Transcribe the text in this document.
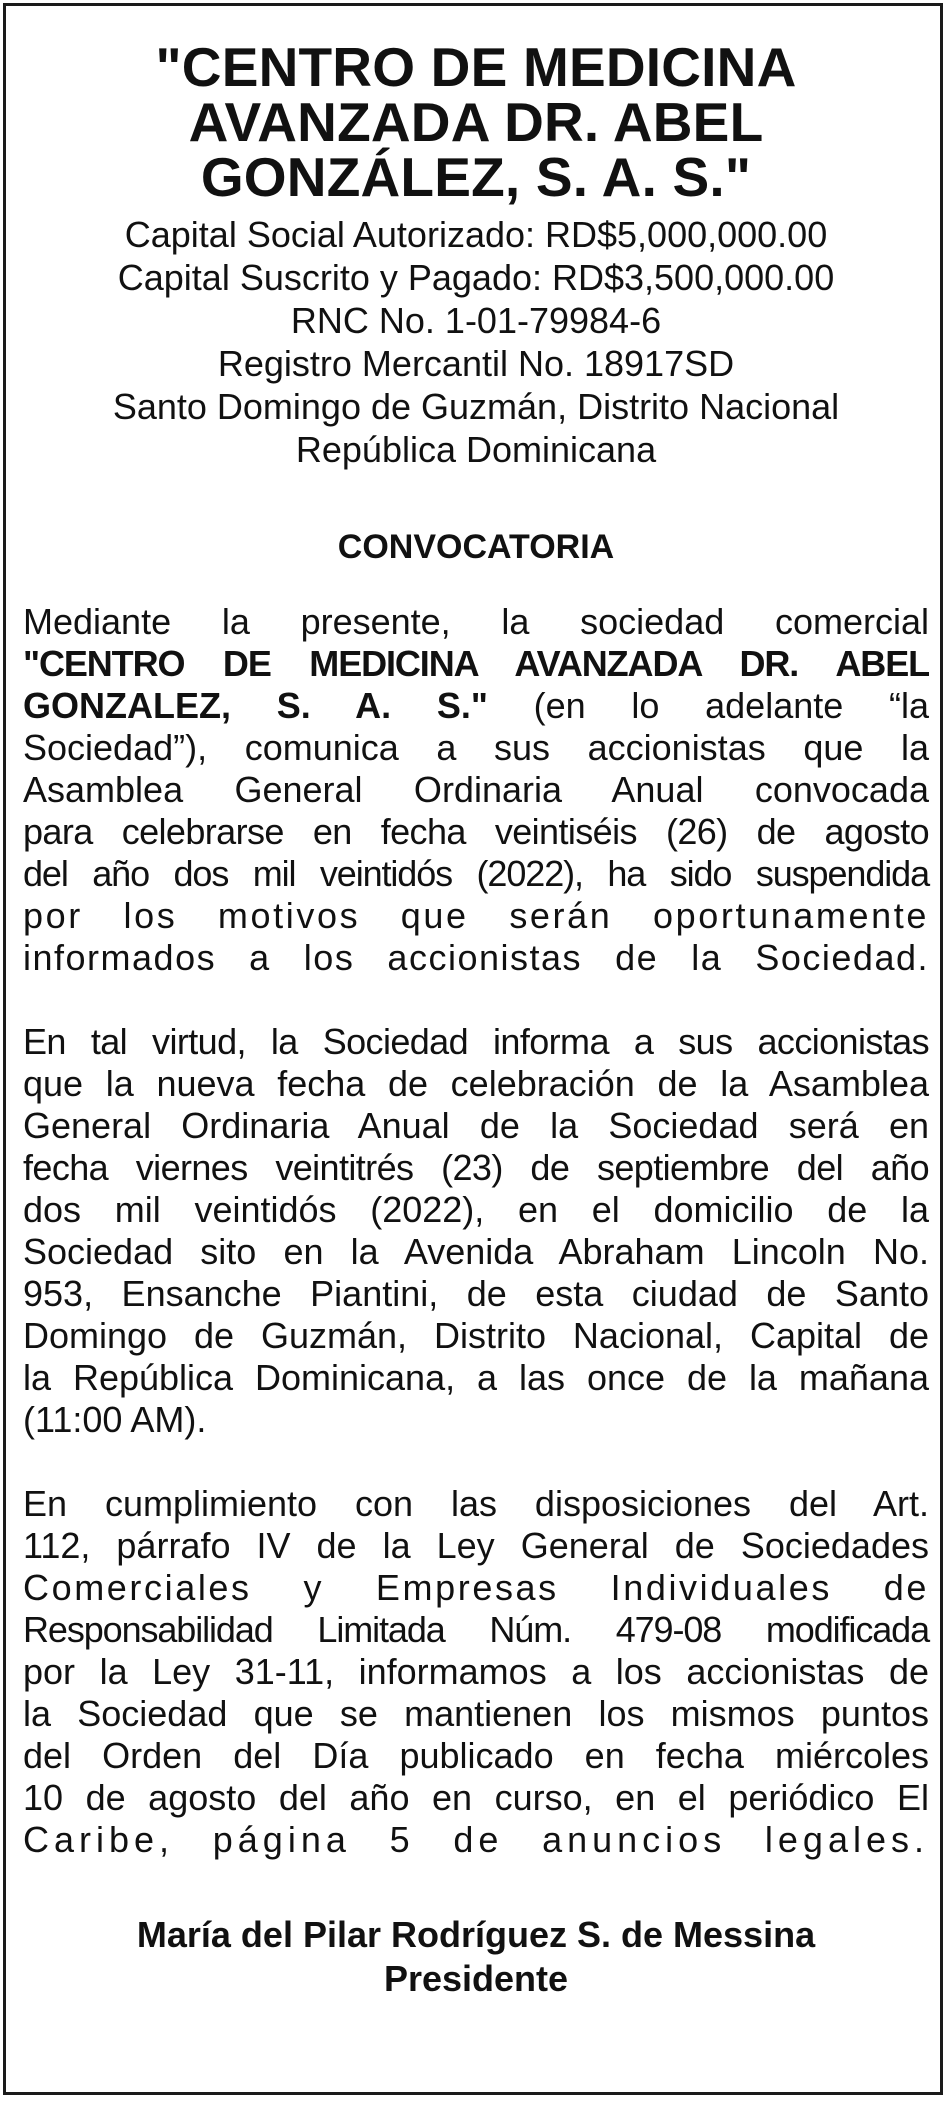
"CENTRO DE MEDICINA
AVANZADA DR. ABEL
GONZÁLEZ, S. A. S."
Capital Social Autorizado: RD$5,000,000.00
Capital Suscrito y Pagado: RD$3,500,000.00
RNC No. 1-01-79984-6
Registro Mercantil No. 18917SD
Santo Domingo de Guzmán, Distrito Nacional
República Dominicana
CONVOCATORIA
Mediante la presente, la sociedad comercial
"CENTRO DE MEDICINA AVANZADA DR. ABEL
GONZALEZ, S. A. S." (en lo adelante “la
Sociedad”), comunica a sus accionistas que la
Asamblea General Ordinaria Anual convocada
para celebrarse en fecha veintiséis (26) de agosto
del año dos mil veintidós (2022), ha sido suspendida
por los motivos que serán oportunamente
informados a los accionistas de la Sociedad.
En tal virtud, la Sociedad informa a sus accionistas
que la nueva fecha de celebración de la Asamblea
General Ordinaria Anual de la Sociedad será en
fecha viernes veintitrés (23) de septiembre del año
dos mil veintidós (2022), en el domicilio de la
Sociedad sito en la Avenida Abraham Lincoln No.
953, Ensanche Piantini, de esta ciudad de Santo
Domingo de Guzmán, Distrito Nacional, Capital de
la República Dominicana, a las once de la mañana
(11:00 AM).
En cumplimiento con las disposiciones del Art.
112, párrafo IV de la Ley General de Sociedades
Comerciales y Empresas Individuales de
Responsabilidad Limitada Núm. 479-08 modificada
por la Ley 31-11, informamos a los accionistas de
la Sociedad que se mantienen los mismos puntos
del Orden del Día publicado en fecha miércoles
10 de agosto del año en curso, en el periódico El
Caribe, página 5 de anuncios legales.
María del Pilar Rodríguez S. de Messina
Presidente
